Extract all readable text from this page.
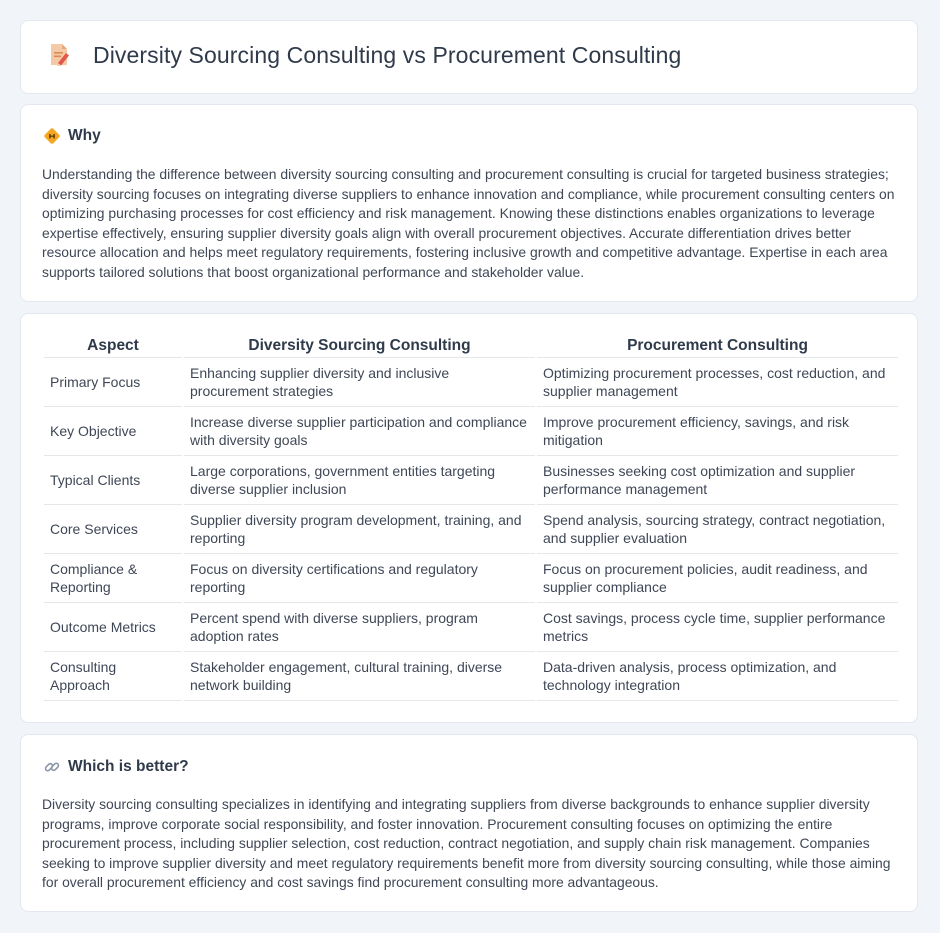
Diversity Sourcing Consulting vs Procurement Consulting
Why
Understanding the difference between diversity sourcing consulting and procurement consulting is crucial for targeted business strategies; diversity sourcing focuses on integrating diverse suppliers to enhance innovation and compliance, while procurement consulting centers on optimizing purchasing processes for cost efficiency and risk management. Knowing these distinctions enables organizations to leverage expertise effectively, ensuring supplier diversity goals align with overall procurement objectives. Accurate differentiation drives better resource allocation and helps meet regulatory requirements, fostering inclusive growth and competitive advantage. Expertise in each area supports tailored solutions that boost organizational performance and stakeholder value.
Aspect	Diversity Sourcing Consulting	Procurement Consulting
Primary Focus	Enhancing supplier diversity and inclusive procurement strategies	Optimizing procurement processes, cost reduction, and supplier management
Key Objective	Increase diverse supplier participation and compliance with diversity goals	Improve procurement efficiency, savings, and risk mitigation
Typical Clients	Large corporations, government entities targeting diverse supplier inclusion	Businesses seeking cost optimization and supplier performance management
Core Services	Supplier diversity program development, training, and reporting	Spend analysis, sourcing strategy, contract negotiation, and supplier evaluation
Compliance & Reporting	Focus on diversity certifications and regulatory reporting	Focus on procurement policies, audit readiness, and supplier compliance
Outcome Metrics	Percent spend with diverse suppliers, program adoption rates	Cost savings, process cycle time, supplier performance metrics
Consulting Approach	Stakeholder engagement, cultural training, diverse network building	Data-driven analysis, process optimization, and technology integration
Which is better?
Diversity sourcing consulting specializes in identifying and integrating suppliers from diverse backgrounds to enhance supplier diversity programs, improve corporate social responsibility, and foster innovation. Procurement consulting focuses on optimizing the entire procurement process, including supplier selection, cost reduction, contract negotiation, and supply chain risk management. Companies seeking to improve supplier diversity and meet regulatory requirements benefit more from diversity sourcing consulting, while those aiming for overall procurement efficiency and cost savings find procurement consulting more advantageous.
